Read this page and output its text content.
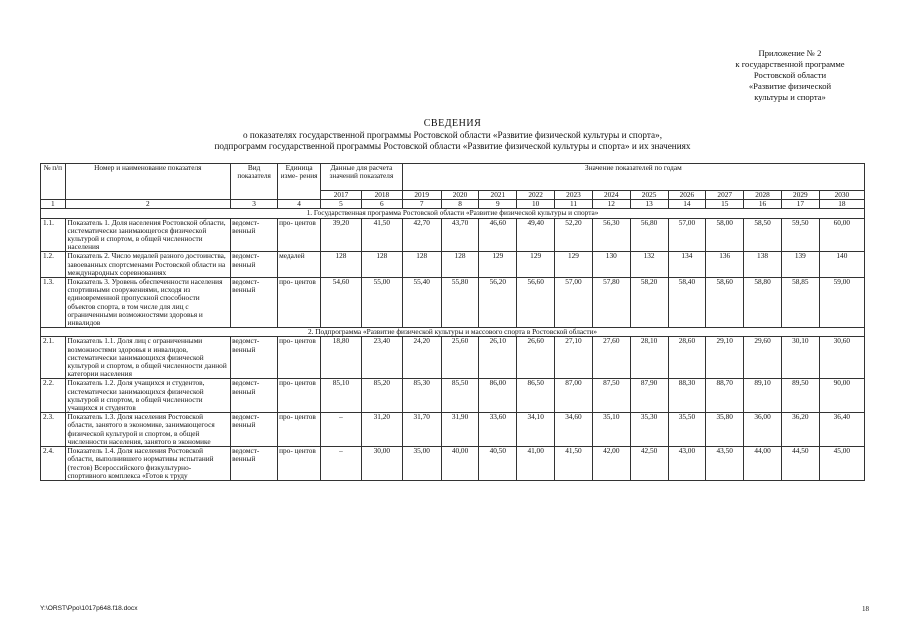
Приложение № 2
к государственной программе
Ростовской области
«Развитие физической
культуры и спорта»
СВЕДЕНИЯ
о показателях государственной программы Ростовской области «Развитие физической культуры и спорта»,
подпрограмм государственной программы Ростовской области «Развитие физической культуры и спорта» и их значениях
№ п/п	Номер и наименование показателя	Вид показателя	Единица изме- рения	Данные для расчета значений показателя		Значение показателей по годам											
				2017	2018	2019	2020	2021	2022	2023	2024	2025	2026	2027	2028	2029	2030
1	2	3	4	5	6	7	8	9	10	11	12	13	14	15	16	17	18
1. Государственная программа Ростовской области «Развитие физической культуры и спорта»																	
1.1.	Показатель 1. Доля населения Ростовской области, систематически занимающегося физической культурой и спортом, в общей численности населения	ведомст- венный	про- центов	39,20	41,50	42,70	43,70	46,60	49,40	52,20	56,30	56,80	57,00	58,00	58,50	59,50	60,00
1.2.	Показатель 2. Число медалей разного достоинства, завоеванных спортсменами Ростовской области на международных соревнованиях	ведомст- венный	медалей	128	128	128	128	129	129	129	130	132	134	136	138	139	140
1.3.	Показатель 3. Уровень обеспеченности населения спортивными сооружениями, исходя из единовременной пропускной способности объектов спорта, в том числе для лиц с ограниченными возможностями здоровья и инвалидов	ведомст- венный	про- центов	54,60	55,00	55,40	55,80	56,20	56,60	57,00	57,80	58,20	58,40	58,60	58,80	58,85	59,00
2. Подпрограмма «Развитие физической культуры и массового спорта в Ростовской области»																	
2.1.	Показатель 1.1. Доля лиц с ограниченными возможностями здоровья и инвалидов, систематически занимающихся физической культурой и спортом, в общей численности данной категории населения	ведомст- венный	про- центов	18,80	23,40	24,20	25,60	26,10	26,60	27,10	27,60	28,10	28,60	29,10	29,60	30,10	30,60
2.2.	Показатель 1.2. Доля учащихся и студентов, систематически занимающихся физической культурой и спортом, в общей численности учащихся и студентов	ведомст- венный	про- центов	85,10	85,20	85,30	85,50	86,00	86,50	87,00	87,50	87,90	88,30	88,70	89,10	89,50	90,00
2.3.	Показатель 1.3. Доля населения Ростовской области, занятого в экономике, занимающегося физической культурой и спортом, в общей численности населения, занятого в экономике	ведомст- венный	про- центов	–	31,20	31,70	31,90	33,60	34,10	34,60	35,10	35,30	35,50	35,80	36,00	36,20	36,40
2.4.	Показатель 1.4. Доля населения Ростовской области, выполнившего нормативы испытаний (тестов) Всероссийского физкультурно-спортивного комплекса «Готов к труду	ведомст- венный	про- центов	–	30,00	35,00	40,00	40,50	41,00	41,50	42,00	42,50	43,00	43,50	44,00	44,50	45,00
Y:\ORST\Ppo\1017p648.f18.docx	18
